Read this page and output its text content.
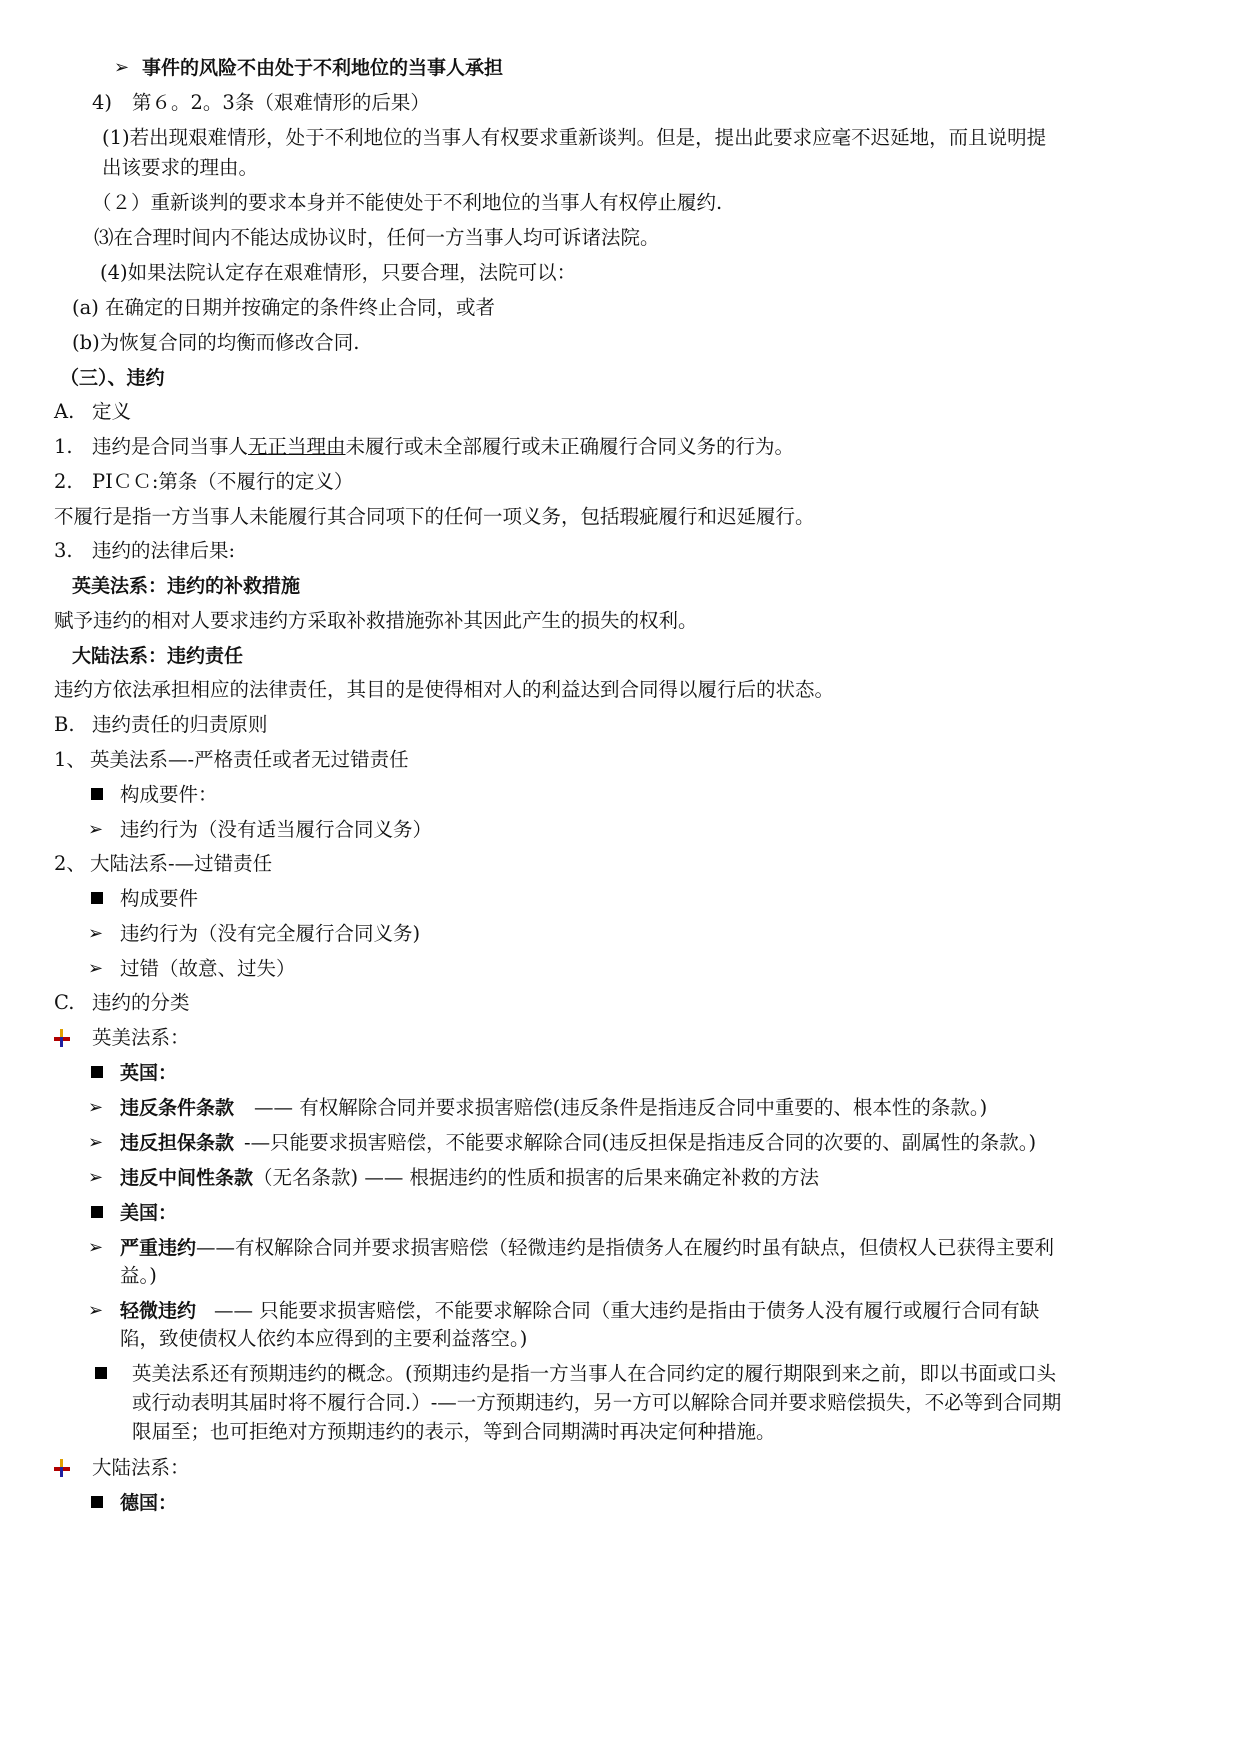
➢ 事件的风险不由处于不利地位的当事人承担
4) 第６。2。3条（艰难情形的后果）
(1)若出现艰难情形，处于不利地位的当事人有权要求重新谈判。但是，提出此要求应毫不迟延地，而且说明提
出该要求的理由。
（２）重新谈判的要求本身并不能使处于不利地位的当事人有权停止履约.
⑶在合理时间内不能达成协议时，任何一方当事人均可诉诸法院。
(4)如果法院认定存在艰难情形，只要合理，法院可以：
(a) 在确定的日期并按确定的条件终止合同，或者
(b)为恢复合同的均衡而修改合同.
（三）、违约
A. 定义
1. 违约是合同当事人无正当理由未履行或未全部履行或未正确履行合同义务的行为。
2. PIＣＣ:第条（不履行的定义）
不履行是指一方当事人未能履行其合同项下的任何一项义务，包括瑕疵履行和迟延履行。
3. 违约的法律后果:
英美法系：违约的补救措施
赋予违约的相对人要求违约方采取补救措施弥补其因此产生的损失的权利。
大陆法系：违约责任
违约方依法承担相应的法律责任，其目的是使得相对人的利益达到合同得以履行后的状态。
B. 违约责任的归责原则
1、 英美法系—-严格责任或者无过错责任
构成要件：
➢ 违约行为（没有适当履行合同义务）
2、 大陆法系-—过错责任
构成要件
➢ 违约行为（没有完全履行合同义务)
➢ 过错（故意、过失）
C. 违约的分类
英美法系：
英国：
➢ 违反条件条款 —— 有权解除合同并要求损害赔偿(违反条件是指违反合同中重要的、根本性的条款。)
➢ 违反担保条款 -—只能要求损害赔偿，不能要求解除合同(违反担保是指违反合同的次要的、副属性的条款。)
➢ 违反中间性条款（无名条款) —— 根据违约的性质和损害的后果来确定补救的方法
美国：
➢ 严重违约——有权解除合同并要求损害赔偿（轻微违约是指债务人在履约时虽有缺点，但债权人已获得主要利
益。)
➢ 轻微违约 —— 只能要求损害赔偿，不能要求解除合同（重大违约是指由于债务人没有履行或履行合同有缺
陷，致使债权人依约本应得到的主要利益落空。)
英美法系还有预期违约的概念。(预期违约是指一方当事人在合同约定的履行期限到来之前，即以书面或口头
或行动表明其届时将不履行合同.）-—一方预期违约，另一方可以解除合同并要求赔偿损失，不必等到合同期
限届至；也可拒绝对方预期违约的表示，等到合同期满时再决定何种措施。
大陆法系：
德国：
